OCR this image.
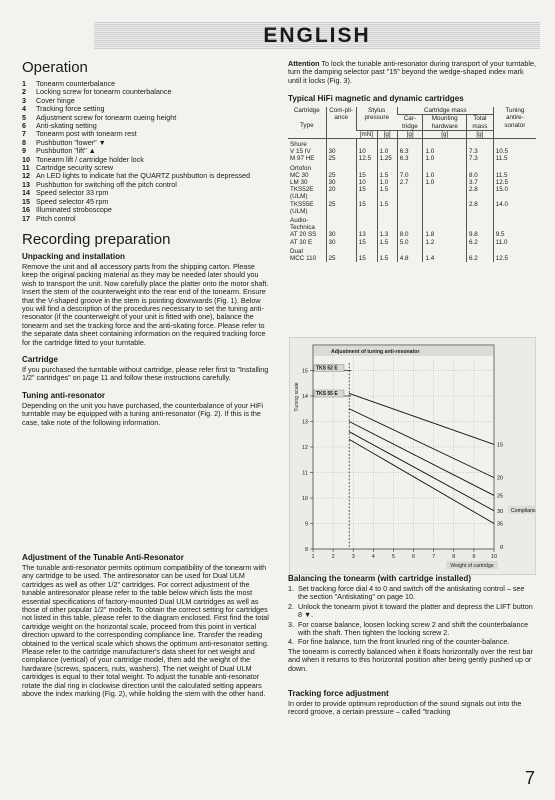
ENGLISH
Operation
1	Tonearm counterbalance
2	Locking screw for tonearm counterbalance
3	Cover hinge
4	Tracking force setting
5	Adjustment screw for tonearm cueing height
6	Anti-skating setting
7	Tonearm post with tonearm rest
8	Pushbutton "lower" ▼
9	Pushbutton "lift" ▲
10 Tonearm lift / cartridge holder lock
11 Cartridge security screw
12 An LED lights to indicate hat the QUARTZ pushbutton is depressed
13 Pushbutton for switching off the pitch control
14 Speed selector 33 rpm
15 Speed selector 45 rpm
16 Illuminated stroboscope
17 Pitch control
Recording preparation
Unpacking and installation

Remove the unit and all accessory parts from the shipping carton. Please keep the original packing material as they may be needed later should you wish to transport the unit. Now carefully place the platter onto the motor shaft. Insert the stem of the counterweight into the rear end of the tonearm. Ensure that the V-shaped groove in the stem is pointing downwards (Fig. 1). Below you will find a description of the procedures necessary to set the tuning anti-resonator (if the counterweight of your unit is fitted with one), balance the tonearm and set the tracking force and the anti-skating force. Please refer to the separate data sheet containing information on the required tracking force for the cartridge fitted to your turntable.

Cartridge

If you purchased the turntable without cartridge, please refer first to "Installing 1/2" cartridges" on page 11 and follow these instructions carefully.

Tuning anti-resonator

Depending on the unit you have purchased, the counterbalance of your HiFi turntable may be equipped with a tuning anti-resonator (Fig. 2). If this is the case, take note of the following information.

Adjustment of the Tunable Anti-Resonator

The tunable anti-resonator permits optimum compatibility of the tonearm with any cartridge to be used. The antiresonator can be used for Dual ULM cartridges as well as other 1/2" cartridges. For correct adjustment of the tunable antiresonator please refer to the table below which lists the most essential specifications of factory-mounted Dual ULM cartridges as well as those of other popular 1/2" models. To obtain the correct setting for cartridges not listed in this table, please refer to the diagram enclosed. First find the total cartridge weight on the horizontal scale, proceed from this point in vertical direction upward to the corresponding compliance line. Transfer the reading obtained to the vertical scale which shows the optimum anti-resonator setting. Please refer to the cartridge manufacturer's data sheet for net weight and compliance (vertical) of your cartridge model, then add the weight of the hardware (screws, spacers, nuts, washers). The net weight of Dual ULM cartridges is equal to their total weight. To adjust the tunable anti-resonator rotate the dial ring in clockwise direction until the calculated setting appears above the index marking (Fig. 2), while holding the stem with the other hand.

Attention To lock the tunable anti-resonator during transport of your turntable, turn the damping selector past "15" beyond the wedge-shaped index mark until it locks (Fig. 3).

Typical HiFi magnetic and dynamic cartridges
Cartridge

Type	Com-pli-ance	Stylus pressure		Cartridge mass			Tuning antire-sonator
				Car-tridge	Mounting hardware	Total mass	
		[mN]	[g]	[g]	[g]	[g]	
Shure							
V 15 IV	30	10	1.0	6.3	1.0	7.3	10.5
M 97 HE	25	12.5	1.25	6.3	1.0	7.3	11.5
Ortofon							
MC 30	25	15	1.5	7.0	1.0	8.0	11.5
LM 30	30	10	1.0	2.7	1.0	3.7	12.5
TKS52E (ULM)	20	15	1.5			2.8	15.0
TKS55E (ULM)	25	15	1.5			2.8	14.0
Audio-Technica							
AT 20 SS	30	13	1.3	8.0	1.8	9.8	9.5
AT 30 E	30	15	1.5	5.0	1.2	6.2	11.0
Dual							
MCC 110	25	15	1.5	4.8	1.4	6.2	12.5
Adjustment of tuning anti-resonator
Tuning scale
8
9
10
11
12
13
14
15
1	2	3	4	5	6	7	8	9	10
g
Weight of cartridge
TKS 52 E
TKS 55 E
15
20
25
30
35
Compliance
Balancing the tonearm (with cartridge installed)
1. Set tracking force dial 4 to 0 and switch off the antiskating control – see the section "Antiskating" on page 10.
2. Unlock the tonearm pivot it toward the platter and depress the LIFT button 8 ▼.
3. For coarse balance, loosen locking screw 2 and shift the counterbalance with the shaft. Then tighten the locking screw 2.
4. For fine balance, turn the front knurled ring of the counter-balance.

The tonearm is correctly balanced when it floats horizontally over the rest bar and when it returns to this horizontal position after being gently pushed up or down.

Tracking force adjustment

In order to provide optimum reproduction of the sound signals out into the record groove, a certain pressure – called "tracking

7
